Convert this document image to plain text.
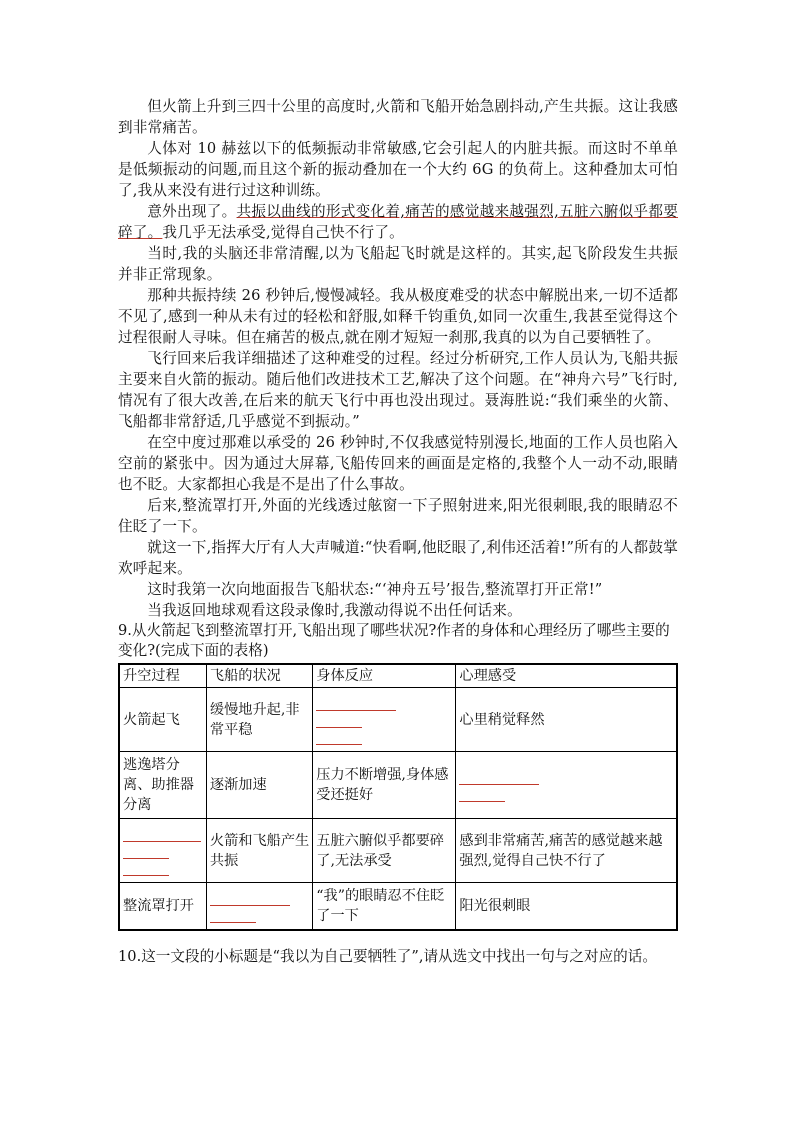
但火箭上升到三四十公里的高度时,火箭和飞船开始急剧抖动,产生共振。这让我感到非常痛苦。

人体对 10 赫兹以下的低频振动非常敏感,它会引起人的内脏共振。而这时不单单是低频振动的问题,而且这个新的振动叠加在一个大约 6G 的负荷上。这种叠加太可怕了,我从来没有进行过这种训练。

意外出现了。共振以曲线的形式变化着,痛苦的感觉越来越强烈,五脏六腑似乎都要碎了。我几乎无法承受,觉得自己快不行了。

当时,我的头脑还非常清醒,以为飞船起飞时就是这样的。其实,起飞阶段发生共振并非正常现象。

那种共振持续 26 秒钟后,慢慢减轻。我从极度难受的状态中解脱出来,一切不适都不见了,感到一种从未有过的轻松和舒服,如释千钧重负,如同一次重生,我甚至觉得这个过程很耐人寻味。但在痛苦的极点,就在刚才短短一刹那,我真的以为自己要牺牲了。

飞行回来后我详细描述了这种难受的过程。经过分析研究,工作人员认为,飞船共振主要来自火箭的振动。随后他们改进技术工艺,解决了这个问题。在“神舟六号”飞行时,情况有了很大改善,在后来的航天飞行中再也没出现过。聂海胜说:“我们乘坐的火箭、飞船都非常舒适,几乎感觉不到振动。”

在空中度过那难以承受的 26 秒钟时,不仅我感觉特别漫长,地面的工作人员也陷入空前的紧张中。因为通过大屏幕,飞船传回来的画面是定格的,我整个人一动不动,眼睛也不眨。大家都担心我是不是出了什么事故。

后来,整流罩打开,外面的光线透过舷窗一下子照射进来,阳光很刺眼,我的眼睛忍不住眨了一下。

就这一下,指挥大厅有人大声喊道:“快看啊,他眨眼了,利伟还活着!”所有的人都鼓掌欢呼起来。

这时我第一次向地面报告飞船状态:“‘神舟五号’报告,整流罩打开正常!”

当我返回地球观看这段录像时,我激动得说不出任何话来。

9.从火箭起飞到整流罩打开,飞船出现了哪些状况?作者的身体和心理经历了哪些主要的变化?(完成下面的表格)

升空过程	飞船的状况	身体反应	心理感受
火箭起飞	缓慢地升起,非常平稳		心里稍觉释然
逃逸塔分离、助推器分离	逐渐加速	压力不断增强,身体感受还挺好	

	火箭和飞船产生共振	五脏六腑似乎都要碎了,无法承受	感到非常痛苦,痛苦的感觉越来越强烈,觉得自己快不行了
整流罩打开		“我”的眼睛忍不住眨了一下	阳光很刺眼

10.这一文段的小标题是“我以为自己要牺牲了”,请从选文中找出一句与之对应的话。
